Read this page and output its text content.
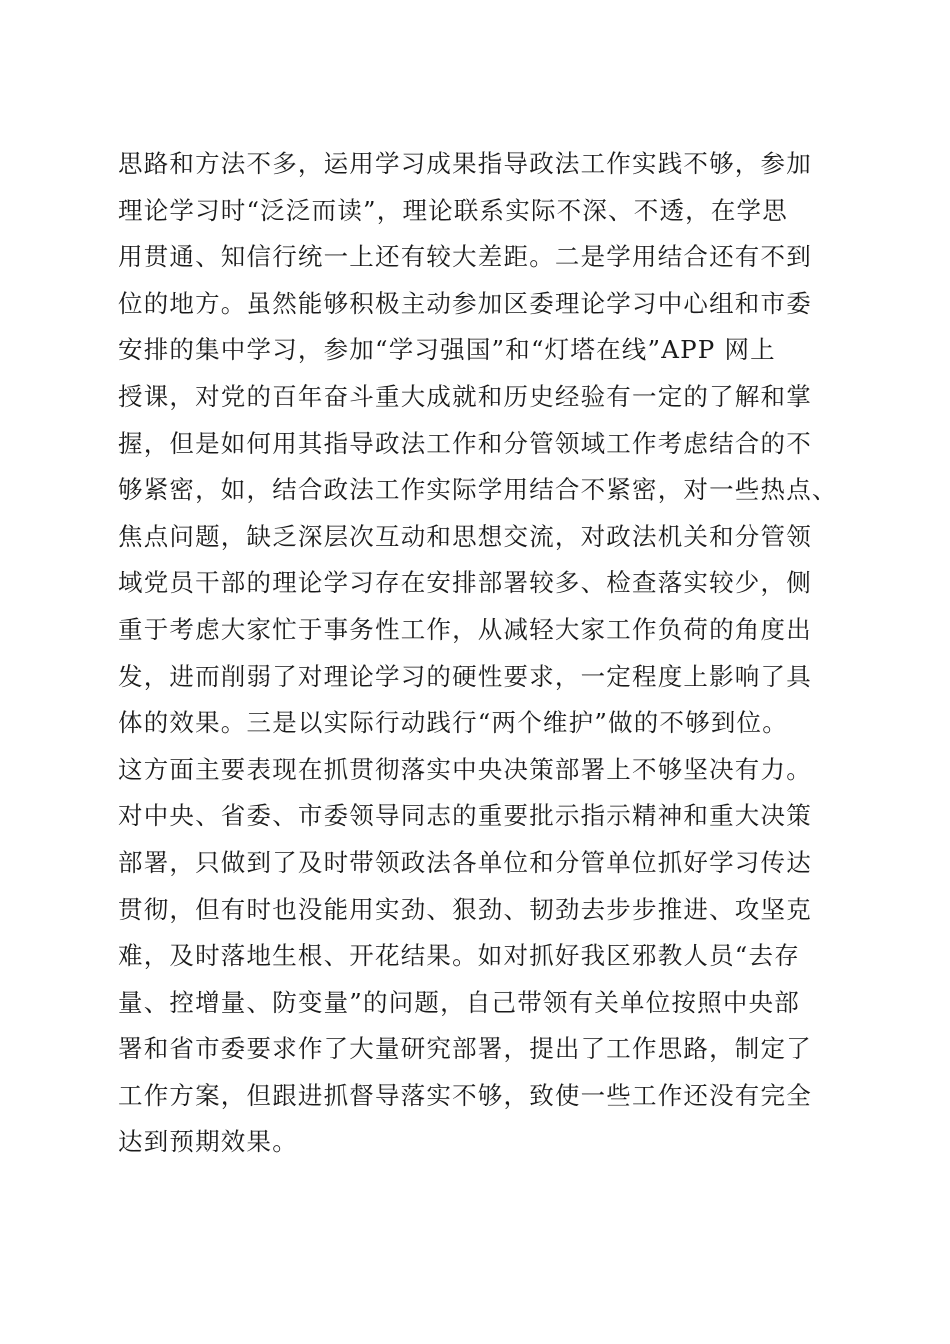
思路和方法不多，运用学习成果指导政法工作实践不够，参加
理论学习时“泛泛而读”，理论联系实际不深、不透，在学思
用贯通、知信行统一上还有较大差距。二是学用结合还有不到
位的地方。虽然能够积极主动参加区委理论学习中心组和市委
安排的集中学习，参加“学习强国”和“灯塔在线”APP 网上
授课，对党的百年奋斗重大成就和历史经验有一定的了解和掌
握，但是如何用其指导政法工作和分管领域工作考虑结合的不
够紧密，如，结合政法工作实际学用结合不紧密，对一些热点、
焦点问题，缺乏深层次互动和思想交流，对政法机关和分管领
域党员干部的理论学习存在安排部署较多、检查落实较少，侧
重于考虑大家忙于事务性工作，从减轻大家工作负荷的角度出
发，进而削弱了对理论学习的硬性要求，一定程度上影响了具
体的效果。三是以实际行动践行“两个维护”做的不够到位。
这方面主要表现在抓贯彻落实中央决策部署上不够坚决有力。
对中央、省委、市委领导同志的重要批示指示精神和重大决策
部署，只做到了及时带领政法各单位和分管单位抓好学习传达
贯彻，但有时也没能用实劲、狠劲、韧劲去步步推进、攻坚克
难，及时落地生根、开花结果。如对抓好我区邪教人员“去存
量、控增量、防变量”的问题，自己带领有关单位按照中央部
署和省市委要求作了大量研究部署，提出了工作思路，制定了
工作方案，但跟进抓督导落实不够，致使一些工作还没有完全
达到预期效果。
